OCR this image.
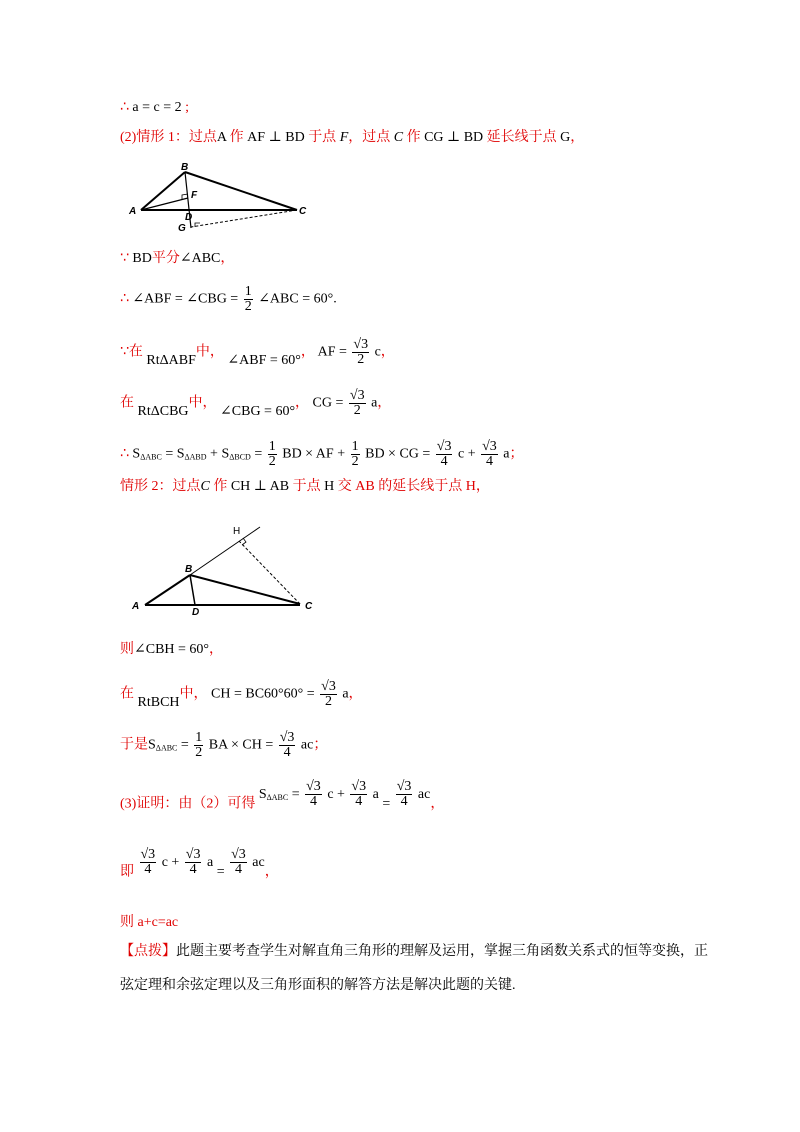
∴ a = c = 2 ;
(2)情形 1：过点A 作 AF ⊥ BD 于点 F，过点 C 作 CG ⊥ BD 延长线于点 G，
B
F
A
D
C
G
∵ BD平分∠ABC，
∴ ∠ABF = ∠CBG = $\frac{1}{2}$ ∠ABC = 60°.
∵在 RtΔABF中， ∠ABF = 60°， AF = $\frac{√3}{2}$ c，
在 RtΔCBG中， ∠CBG = 60°， CG = $\frac{√3}{2}$ a，
∴ $S_{\Delta ABC} = S_{\Delta ABD} + S_{\Delta BCD} = \frac{1}{2}$ BD × AF + $\frac{1}{2}$ BD × CG = $\frac{√3}{4}$ $c + \frac{√3}{4}$ a；
情形 2：过点C 作 CH ⊥ AB 于点 H 交 AB 的延长线于点 H，
H
B
A
D
C
则∠CBH = 60°，
在 RtBCH中， CH = $BC60^\circ 60^\circ = \frac{√3}{2}$ a，
于是$S_{\Delta ABC} = \frac{1}{2}$ BA × CH = $\frac{√3}{4}$ ac；
(3)证明：由（2）可得 $S^{\Delta ABC} = \frac{√3}{4}$ $c + \frac{√3}{4}$ $a = \frac{√3}{4}$ ac，
即 $\frac{√3}{4}$ $c + \frac{√3}{4}$ $a = \frac{√3}{4}$ ac，
则 a+c=ac
【点拨】此题主要考查学生对解直角三角形的理解及运用，掌握三角函数关系式的恒等变换，正弦定理和余弦定理以及三角形面积的解答方法是解决此题的关键.
